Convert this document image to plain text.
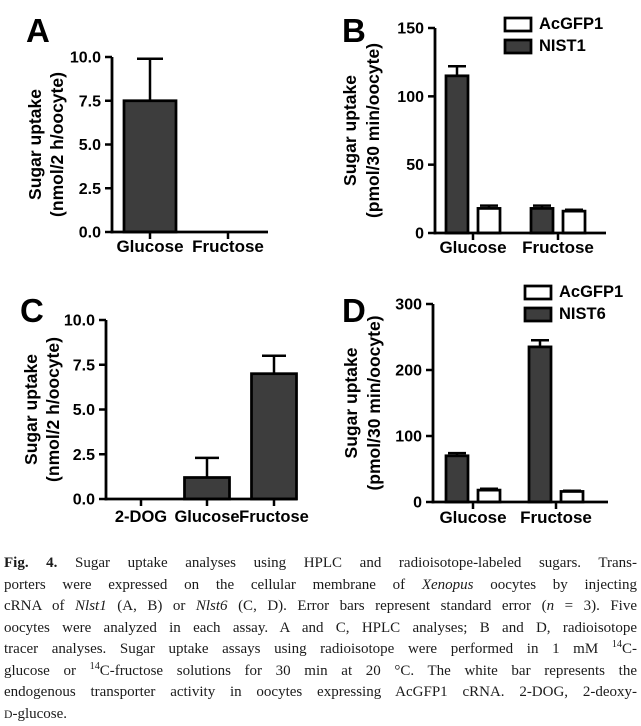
0.0
2.5
5.0
7.5
10.0
Glucose Fructose
Sugar uptake (nmol/2 h/oocyte)
A
0
50
100
150
Glucose Fructose
Sugar uptake (pmol/30 min/oocyte)
B	AcGFP1
NIST1
0.0
2.5
5.0
7.5
10.0
2-DOG Glucose Fructose
Sugar uptake (nmol/2 h/oocyte)
C
0
100
200
300
Glucose Fructose
Sugar uptake (pmol/30 min/oocyte)
D	AcGFP1
NIST6
Fig. 4. Sugar uptake analyses using HPLC and radioisotope-labeled sugars. Trans-
porters were expressed on the cellular membrane of Xenopus oocytes by injecting
cRNA of Nlst1 (A, B) or Nlst6 (C, D). Error bars represent standard error (n = 3). Five
oocytes were analyzed in each assay. A and C, HPLC analyses; B and D, radioisotope
tracer analyses. Sugar uptake assays using radioisotope were performed in 1 mM $^{14}$C-
glucose or $^{14}$C-fructose solutions for 30 min at 20 °C. The white bar represents the
endogenous transporter activity in oocytes expressing AcGFP1 cRNA. 2-DOG, 2-deoxy-
D-glucose.
